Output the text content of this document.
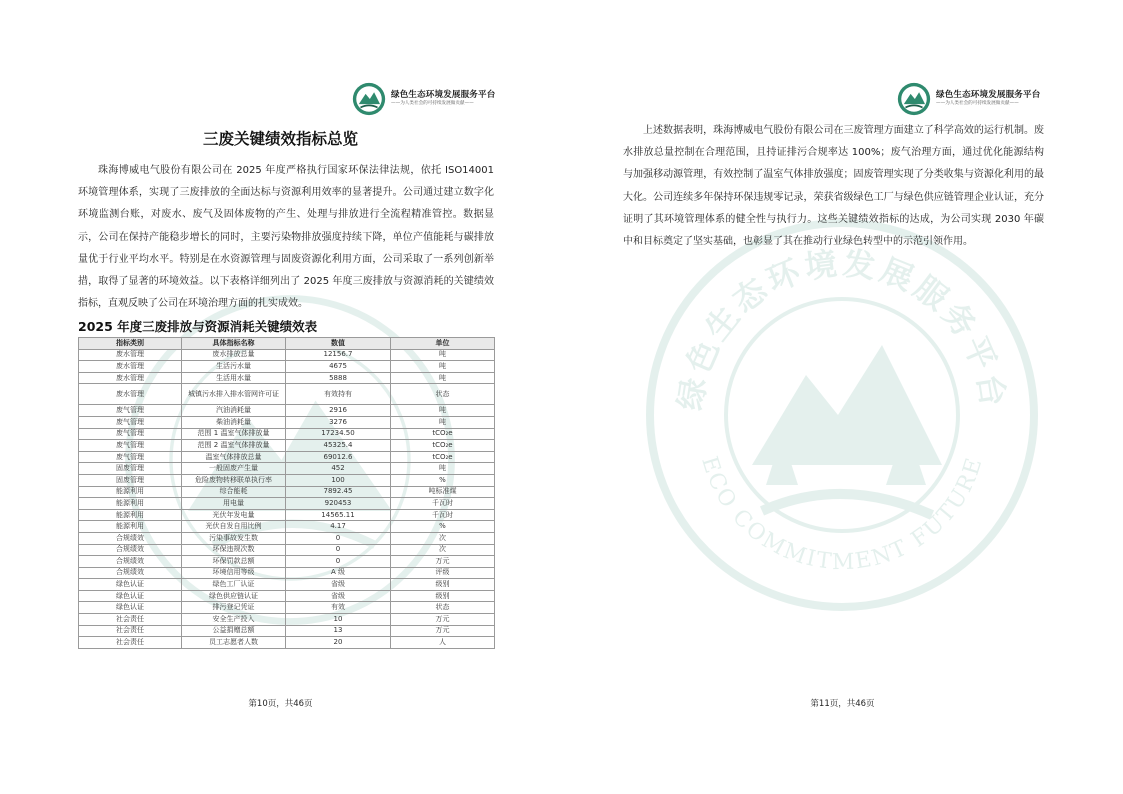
绿色生态环境发展服务平台
——为人类社会的可持续发展做贡献——
三废关键绩效指标总览

珠海博威电气股份有限公司在 2025 年度严格执行国家环保法律法规，依托 ISO14001 环境管理体系，实现了三废排放的全面达标与资源利用效率的显著提升。公司通过建立数字化环境监测台账，对废水、废气及固体废物的产生、处理与排放进行全流程精准管控。数据显示，公司在保持产能稳步增长的同时，主要污染物排放强度持续下降，单位产值能耗与碳排放量优于行业平均水平。特别是在水资源管理与固废资源化利用方面，公司采取了一系列创新举措，取得了显著的环境效益。以下表格详细列出了 2025 年度三废排放与资源消耗的关键绩效指标，直观反映了公司在环境治理方面的扎实成效。

2025 年度三废排放与资源消耗关键绩效表
指标类别	具体指标名称	数值	单位
废水管理	废水排放总量	12156.7	吨
废水管理	生活污水量	4675	吨
废水管理	生活用水量	5888	吨
废水管理	城镇污水排入排水管网许可证	有效持有	状态
废气管理	汽油消耗量	2916	吨
废气管理	柴油消耗量	3276	吨
废气管理	范围 1 温室气体排放量	17234.50	tCO₂e
废气管理	范围 2 温室气体排放量	45325.4	tCO₂e
废气管理	温室气体排放总量	69012.6	tCO₂e
固废管理	一般固废产生量	452	吨
固废管理	危险废物转移联单执行率	100	%
能源利用	综合能耗	7892.45	吨标准煤
能源利用	用电量	920453	千瓦时
能源利用	光伏年发电量	14565.11	千瓦时
能源利用	光伏自发自用比例	4.17	%
合规绩效	污染事故发生数	0	次
合规绩效	环保违规次数	0	次
合规绩效	环保罚款总额	0	万元
合规绩效	环境信用等级	A 级	评级
绿色认证	绿色工厂认证	省级	级别
绿色认证	绿色供应链认证	省级	级别
绿色认证	排污登记凭证	有效	状态
社会责任	安全生产投入	10	万元
社会责任	公益捐赠总额	13	万元
社会责任	员工志愿者人数	20	人
第10页，共46页
绿色生态环境发展服务平台
ECO COMMITMENT FUTURE
绿色生态环境发展服务平台
——为人类社会的可持续发展做贡献——

上述数据表明，珠海博威电气股份有限公司在三废管理方面建立了科学高效的运行机制。废水排放总量控制在合理范围，且持证排污合规率达 100%；废气治理方面，通过优化能源结构与加强移动源管理，有效控制了温室气体排放强度；固废管理实现了分类收集与资源化利用的最大化。公司连续多年保持环保违规零记录，荣获省级绿色工厂与绿色供应链管理企业认证，充分证明了其环境管理体系的健全性与执行力。这些关键绩效指标的达成，为公司实现 2030 年碳中和目标奠定了坚实基础，也彰显了其在推动行业绿色转型中的示范引领作用。

第11页，共46页
